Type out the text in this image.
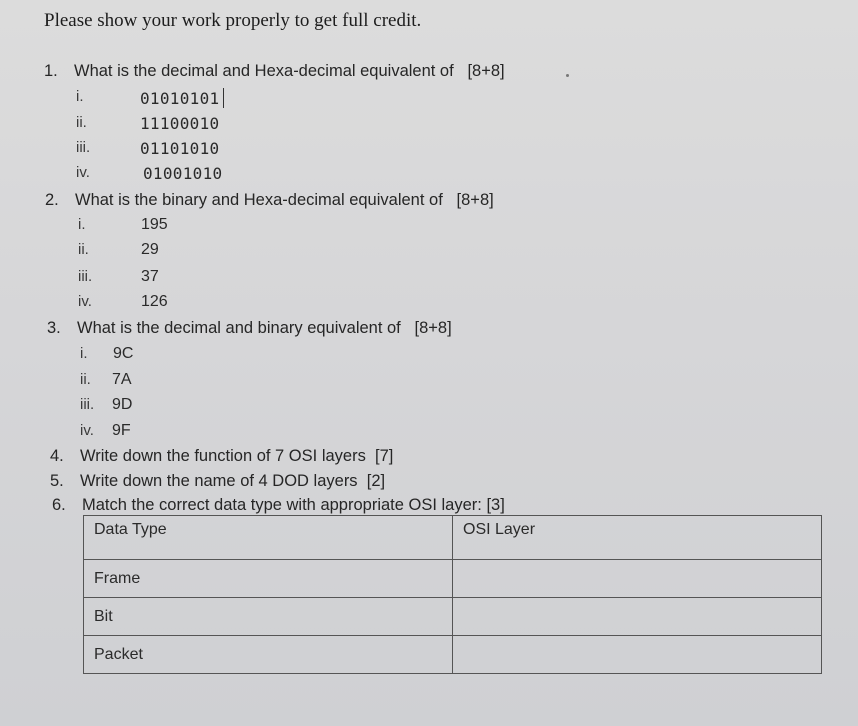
Please show your work properly to get full credit.
1. What is the decimal and Hexa-decimal equivalent of [8+8]
i.	01010101
ii.	11100010
iii.	01101010
iv.	01001010
2. What is the binary and Hexa-decimal equivalent of [8+8]
i.	195
ii.	29
iii.	37
iv.	126
3. What is the decimal and binary equivalent of [8+8]
i. 9C
ii. 7A
iii. 9D
iv. 9F
4. Write down the function of 7 OSI layers [7]
5. Write down the name of 4 DOD layers [2]
6. Match the correct data type with appropriate OSI layer: [3]
Data Type	OSI Layer
Frame	
Bit	
Packet	
